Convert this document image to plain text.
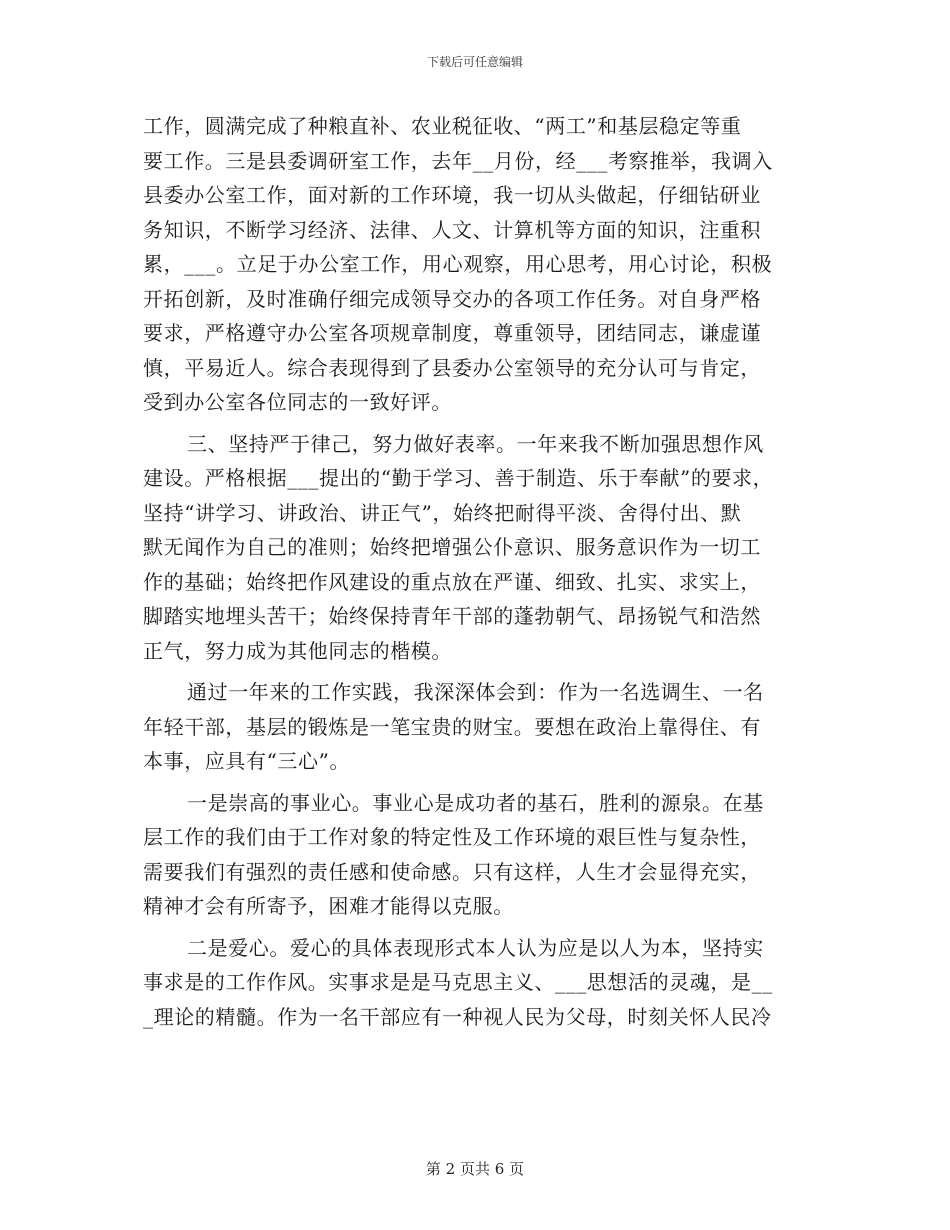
下载后可任意编辑
工作，圆满完成了种粮直补、农业税征收、“两工”和基层稳定等重
要工作。三是县委调研室工作，去年__月份，经___考察推举，我调入
县委办公室工作，面对新的工作环境，我一切从头做起，仔细钻研业
务知识，不断学习经济、法律、人文、计算机等方面的知识，注重积
累，___。立足于办公室工作，用心观察，用心思考，用心讨论，积极
开拓创新，及时准确仔细完成领导交办的各项工作任务。对自身严格
要求，严格遵守办公室各项规章制度，尊重领导，团结同志，谦虚谨
慎，平易近人。综合表现得到了县委办公室领导的充分认可与肯定，
受到办公室各位同志的一致好评。
三、坚持严于律己，努力做好表率。一年来我不断加强思想作风
建设。严格根据___提出的“勤于学习、善于制造、乐于奉献”的要求，
坚持“讲学习、讲政治、讲正气”，始终把耐得平淡、舍得付出、默
默无闻作为自己的准则；始终把增强公仆意识、服务意识作为一切工
作的基础；始终把作风建设的重点放在严谨、细致、扎实、求实上，
脚踏实地埋头苦干；始终保持青年干部的蓬勃朝气、昂扬锐气和浩然
正气，努力成为其他同志的楷模。
通过一年来的工作实践，我深深体会到：作为一名选调生、一名
年轻干部，基层的锻炼是一笔宝贵的财宝。要想在政治上靠得住、有
本事，应具有“三心”。
一是崇高的事业心。事业心是成功者的基石，胜利的源泉。在基
层工作的我们由于工作对象的特定性及工作环境的艰巨性与复杂性，
需要我们有强烈的责任感和使命感。只有这样，人生才会显得充实，
精神才会有所寄予，困难才能得以克服。
二是爱心。爱心的具体表现形式本人认为应是以人为本，坚持实
事求是的工作作风。实事求是是马克思主义、___思想活的灵魂，是__
_理论的精髓。作为一名干部应有一种视人民为父母，时刻关怀人民冷
第 2 页共 6 页
